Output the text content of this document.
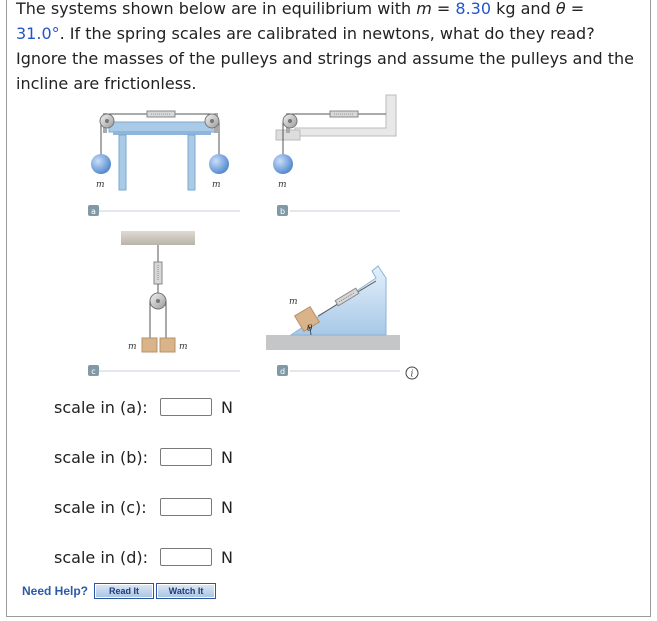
The systems shown below are in equilibrium with m = 8.30 kg and θ =
31.0°. If the spring scales are calibrated in newtons, what do they read? Ignore the masses of the pulleys and strings and assume the pulleys and the incline are frictionless.
m	m
a
m
b
m	m
c
m
θ
d	i
scale in (a):	N
scale in (b):	N
scale in (c):	N
scale in (d):	N
Need Help?	Read It	Watch It
